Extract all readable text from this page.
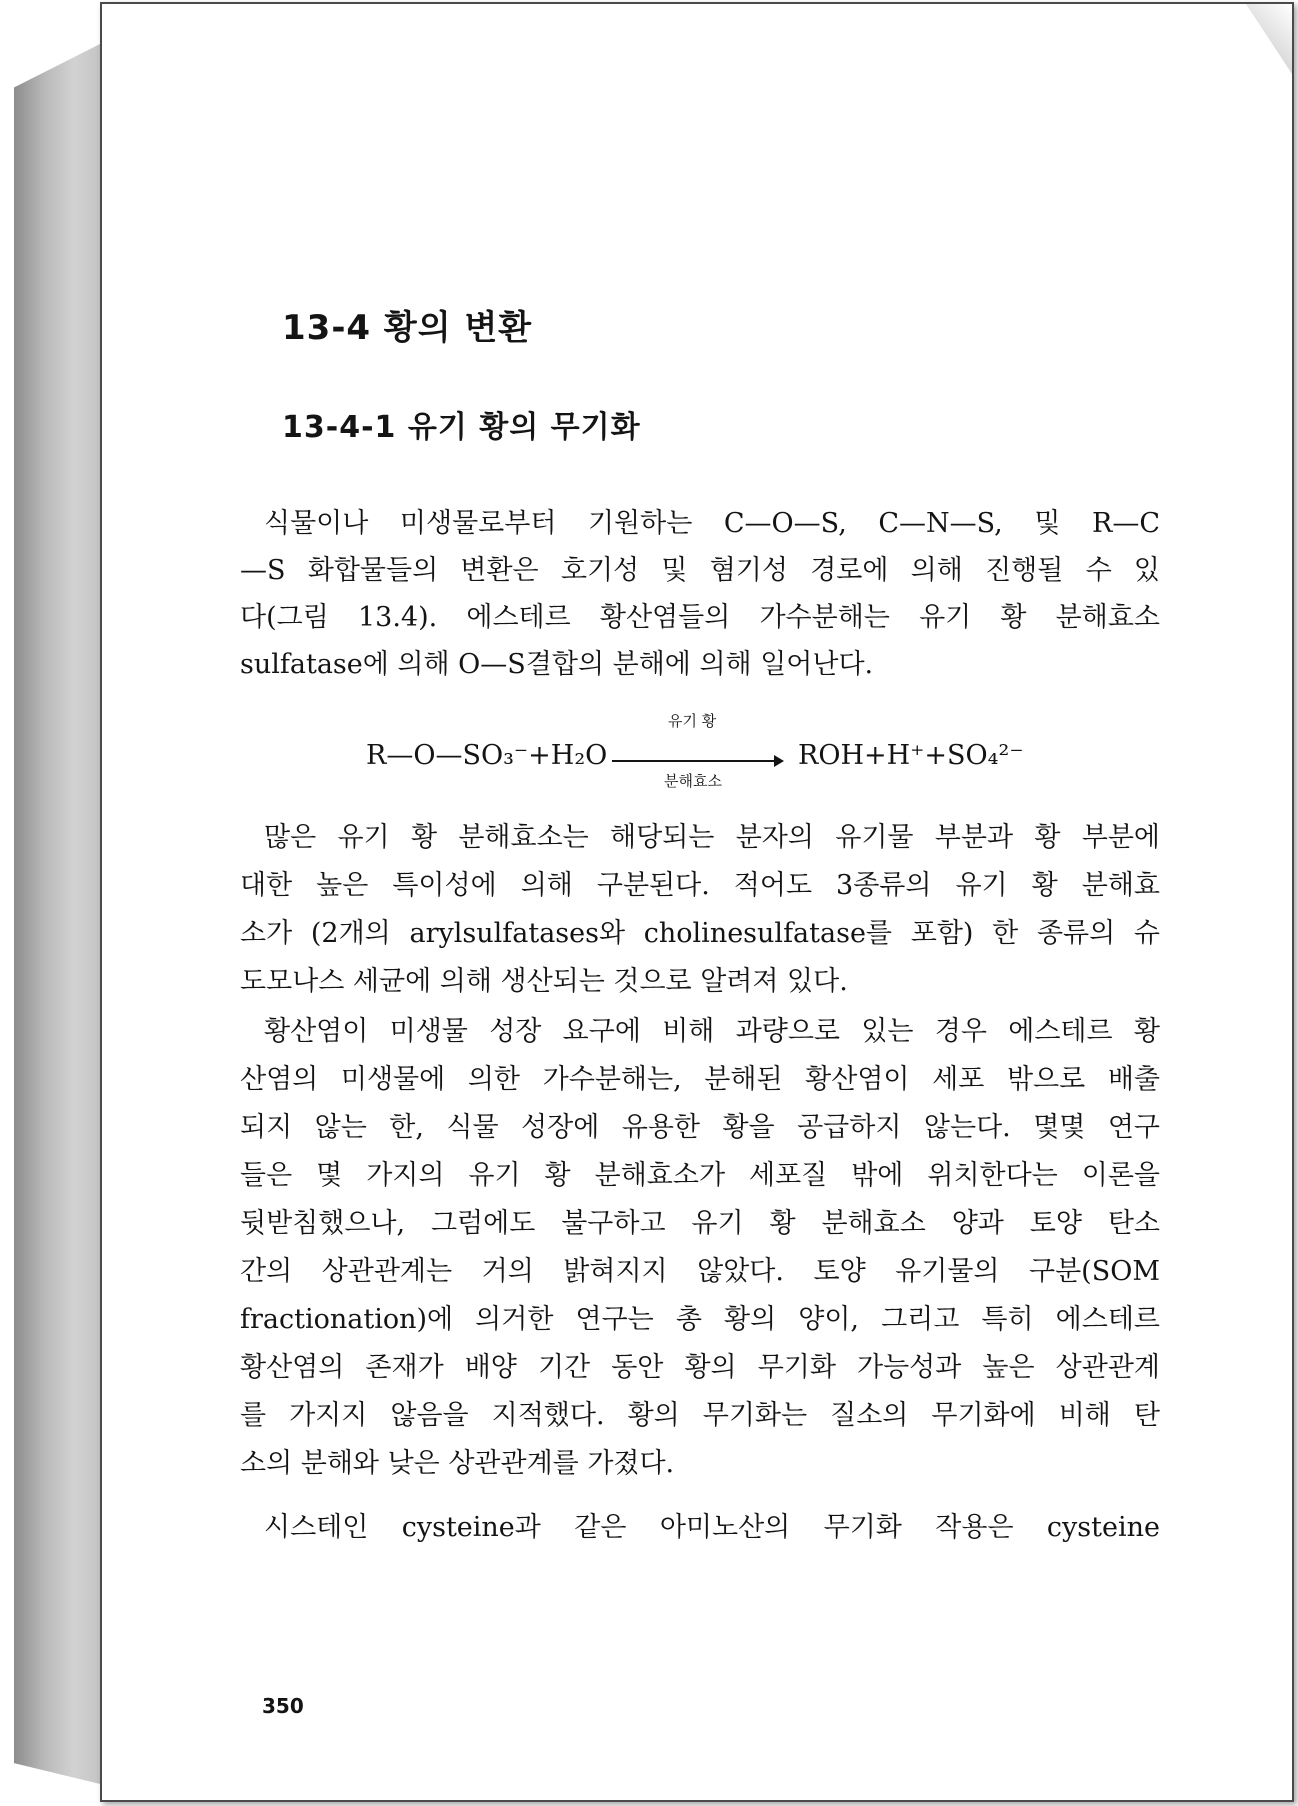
13-4 황의 변환
13-4-1 유기 황의 무기화
식물이나 미생물로부터 기원하는 C—O—S, C—N—S, 및 R—C
—S 화합물들의 변환은 호기성 및 혐기성 경로에 의해 진행될 수 있
다(그림 13.4). 에스테르 황산염들의 가수분해는 유기 황 분해효소
sulfatase에 의해 O—S결합의 분해에 의해 일어난다.
R—O—SO₃⁻+H₂O
유기 황
분해효소
ROH+H⁺+SO₄²⁻
많은 유기 황 분해효소는 해당되는 분자의 유기물 부분과 황 부분에
대한 높은 특이성에 의해 구분된다. 적어도 3종류의 유기 황 분해효
소가 (2개의 arylsulfatases와 cholinesulfatase를 포함) 한 종류의 슈
도모나스 세균에 의해 생산되는 것으로 알려져 있다.
황산염이 미생물 성장 요구에 비해 과량으로 있는 경우 에스테르 황
산염의 미생물에 의한 가수분해는, 분해된 황산염이 세포 밖으로 배출
되지 않는 한, 식물 성장에 유용한 황을 공급하지 않는다. 몇몇 연구
들은 몇 가지의 유기 황 분해효소가 세포질 밖에 위치한다는 이론을
뒷받침했으나, 그럼에도 불구하고 유기 황 분해효소 양과 토양 탄소
간의 상관관계는 거의 밝혀지지 않았다. 토양 유기물의 구분(SOM
fractionation)에 의거한 연구는 총 황의 양이, 그리고 특히 에스테르
황산염의 존재가 배양 기간 동안 황의 무기화 가능성과 높은 상관관계
를 가지지 않음을 지적했다. 황의 무기화는 질소의 무기화에 비해 탄
소의 분해와 낮은 상관관계를 가졌다.
시스테인 cysteine과 같은 아미노산의 무기화 작용은 cysteine
350
